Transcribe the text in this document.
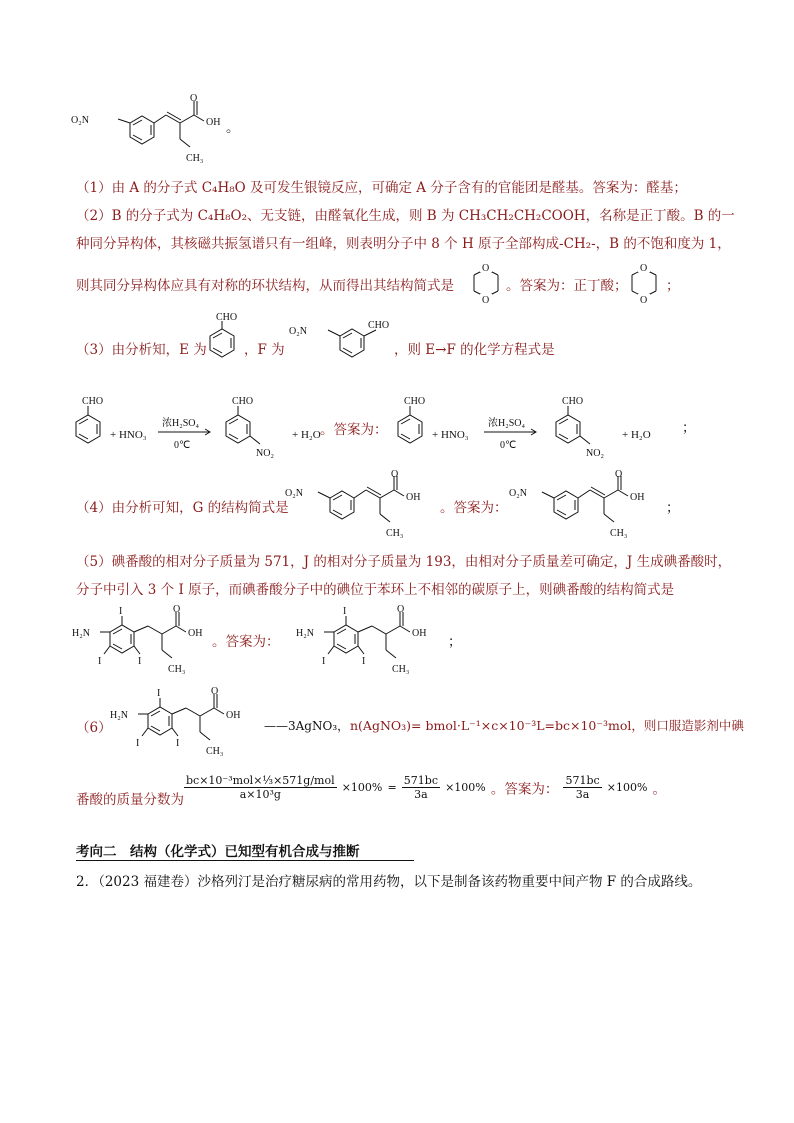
O₂N
O
OH
CH₃
。
（1）由 A 的分子式 C₄H₈O 及可发生银镜反应，可确定 A 分子含有的官能团是醛基。答案为：醛基；
（2）B 的分子式为 C₄H₈O₂、无支链，由醛氧化生成，则 B 为 CH₃CH₂CH₂COOH，名称是正丁酸。B 的一
种同分异构体，其核磁共振氢谱只有一组峰，则表明分子中 8 个 H 原子全部构成-CH₂-，B 的不饱和度为 1，
则其同分异构体应具有对称的环状结构，从而得出其结构简式是
O
O
。答案为：正丁酸；
O
O
；
（3）由分析知，E 为
CHO
，F 为
O₂N
CHO
，则 E→F 的化学方程式是
CHO
+ HNO₃
浓H₂SO₄
0℃
CHO
NO₂
+ H₂O 。答案为：
CHO
+ HNO₃
浓H₂SO₄
0℃
CHO
NO₂
+ H₂O ；
（4）由分析可知，G 的结构简式是
O₂N
O
OH
CH₃
。答案为：
O₂N
O
OH
CH₃
；
（5）碘番酸的相对分子质量为 571，J 的相对分子质量为 193，由相对分子质量差可确定，J 生成碘番酸时，
分子中引入 3 个 I 原子，而碘番酸分子中的碘位于苯环上不相邻的碳原子上，则碘番酸的结构简式是
I
H₂N
I	I
O
OH
CH₃
。答案为：
I
H₂N
I	I
O
OH
CH₃
；
（6）
I
H₂N
I	I
O
OH
CH₃
——3AgNO₃， n(AgNO₃)= bmol·L⁻¹×c×10⁻³L=bc×10⁻³mol，则口服造影剂中碘
番酸的质量分数为 $\frac{\text{bc×10⁻³mol×⅓×571g/mol}}{\text{a×10³g}} \times 100\% = \frac{571bc}{3a} \times 100\%$ 。答案为： $\frac{571bc}{3a} \times 100\%$ 。
考向二　结构（化学式）已知型有机合成与推断
2．（2023 福建卷）沙格列汀是治疗糖尿病的常用药物，以下是制备该药物重要中间产物 F 的合成路线。
